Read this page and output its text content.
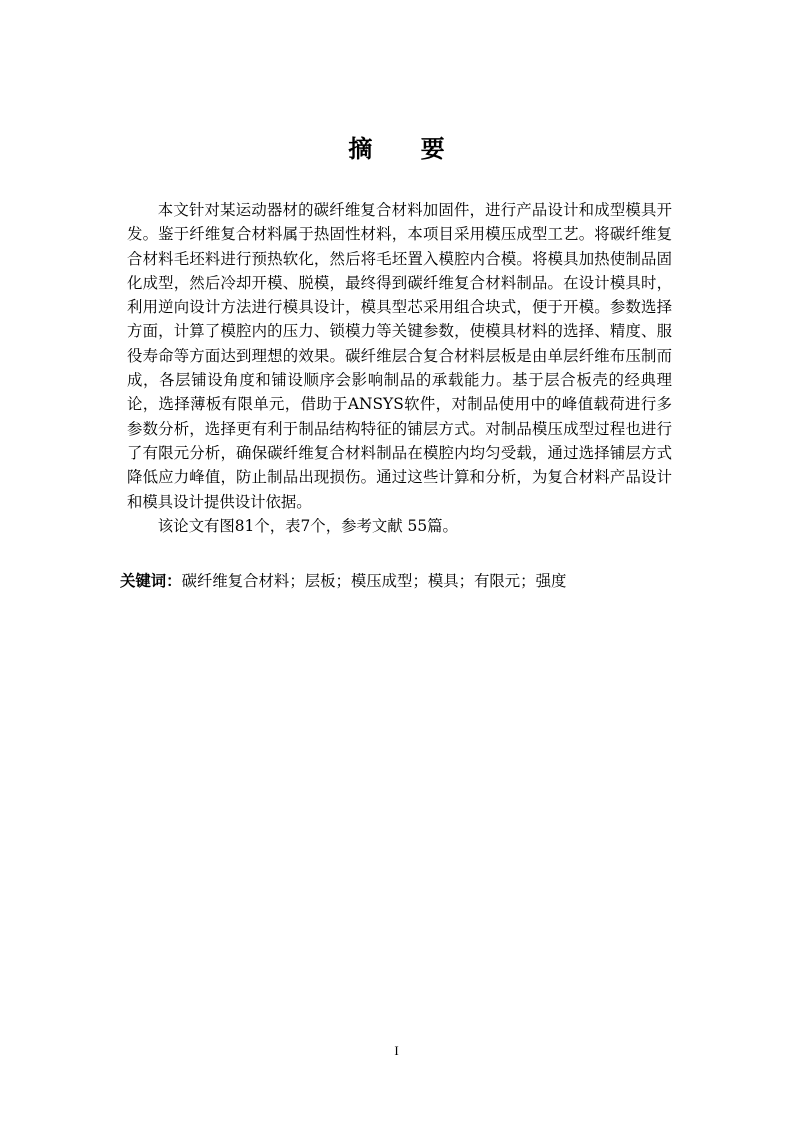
摘 要

本文针对某运动器材的碳纤维复合材料加固件，进行产品设计和成型模具开发。鉴于纤维复合材料属于热固性材料，本项目采用模压成型工艺。将碳纤维复合材料毛坯料进行预热软化，然后将毛坯置入模腔内合模。将模具加热使制品固化成型，然后冷却开模、脱模，最终得到碳纤维复合材料制品。在设计模具时，利用逆向设计方法进行模具设计，模具型芯采用组合块式，便于开模。参数选择方面，计算了模腔内的压力、锁模力等关键参数，使模具材料的选择、精度、服役寿命等方面达到理想的效果。碳纤维层合复合材料层板是由单层纤维布压制而成，各层铺设角度和铺设顺序会影响制品的承载能力。基于层合板壳的经典理论，选择薄板有限单元，借助于ANSYS软件，对制品使用中的峰值载荷进行多参数分析，选择更有利于制品结构特征的铺层方式。对制品模压成型过程也进行了有限元分析，确保碳纤维复合材料制品在模腔内均匀受载，通过选择铺层方式降低应力峰值，防止制品出现损伤。通过这些计算和分析，为复合材料产品设计和模具设计提供设计依据。

该论文有图81个，表7个，参考文献 55篇。

关键词：碳纤维复合材料；层板；模压成型；模具；有限元；强度
I
